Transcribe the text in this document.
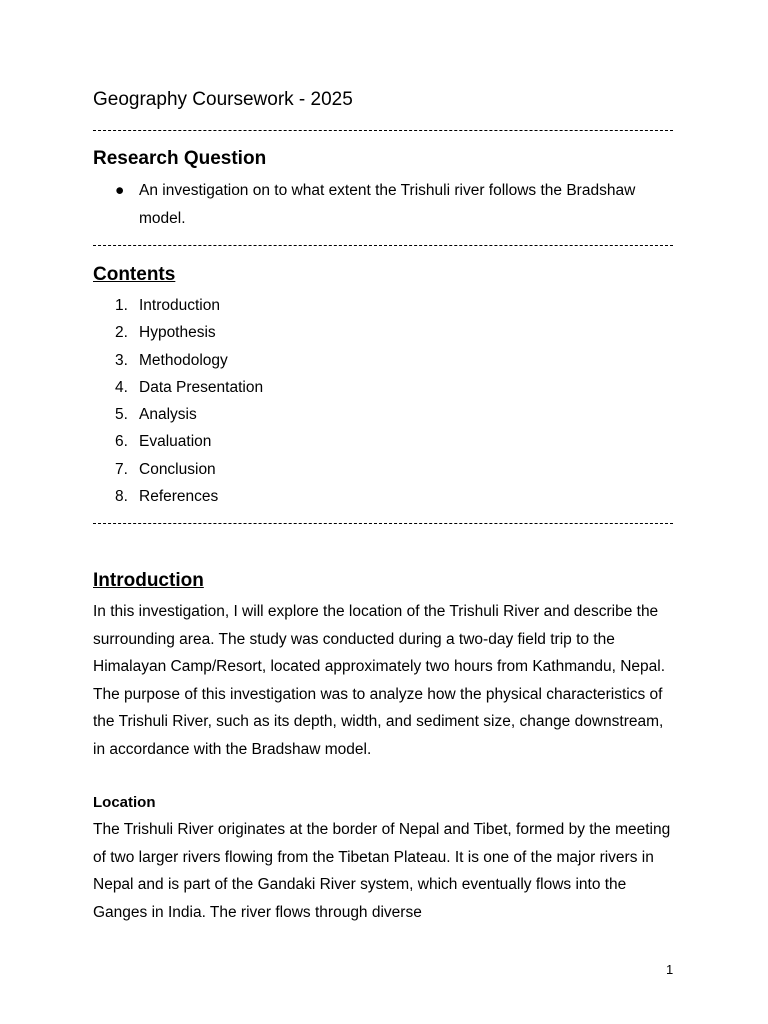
Geography Coursework - 2025
Research Question
● An investigation on to what extent the Trishuli river follows the Bradshaw model.
Contents
1. Introduction
2. Hypothesis
3. Methodology
4. Data Presentation
5. Analysis
6. Evaluation
7. Conclusion
8. References
Introduction
In this investigation, I will explore the location of the Trishuli River and describe the surrounding area. The study was conducted during a two-day field trip to the Himalayan Camp/Resort, located approximately two hours from Kathmandu, Nepal. The purpose of this investigation was to analyze how the physical characteristics of the Trishuli River, such as its depth, width, and sediment size, change downstream, in accordance with the Bradshaw model.
Location
The Trishuli River originates at the border of Nepal and Tibet, formed by the meeting of two larger rivers flowing from the Tibetan Plateau. It is one of the major rivers in Nepal and is part of the Gandaki River system, which eventually flows into the Ganges in India. The river flows through diverse
1
